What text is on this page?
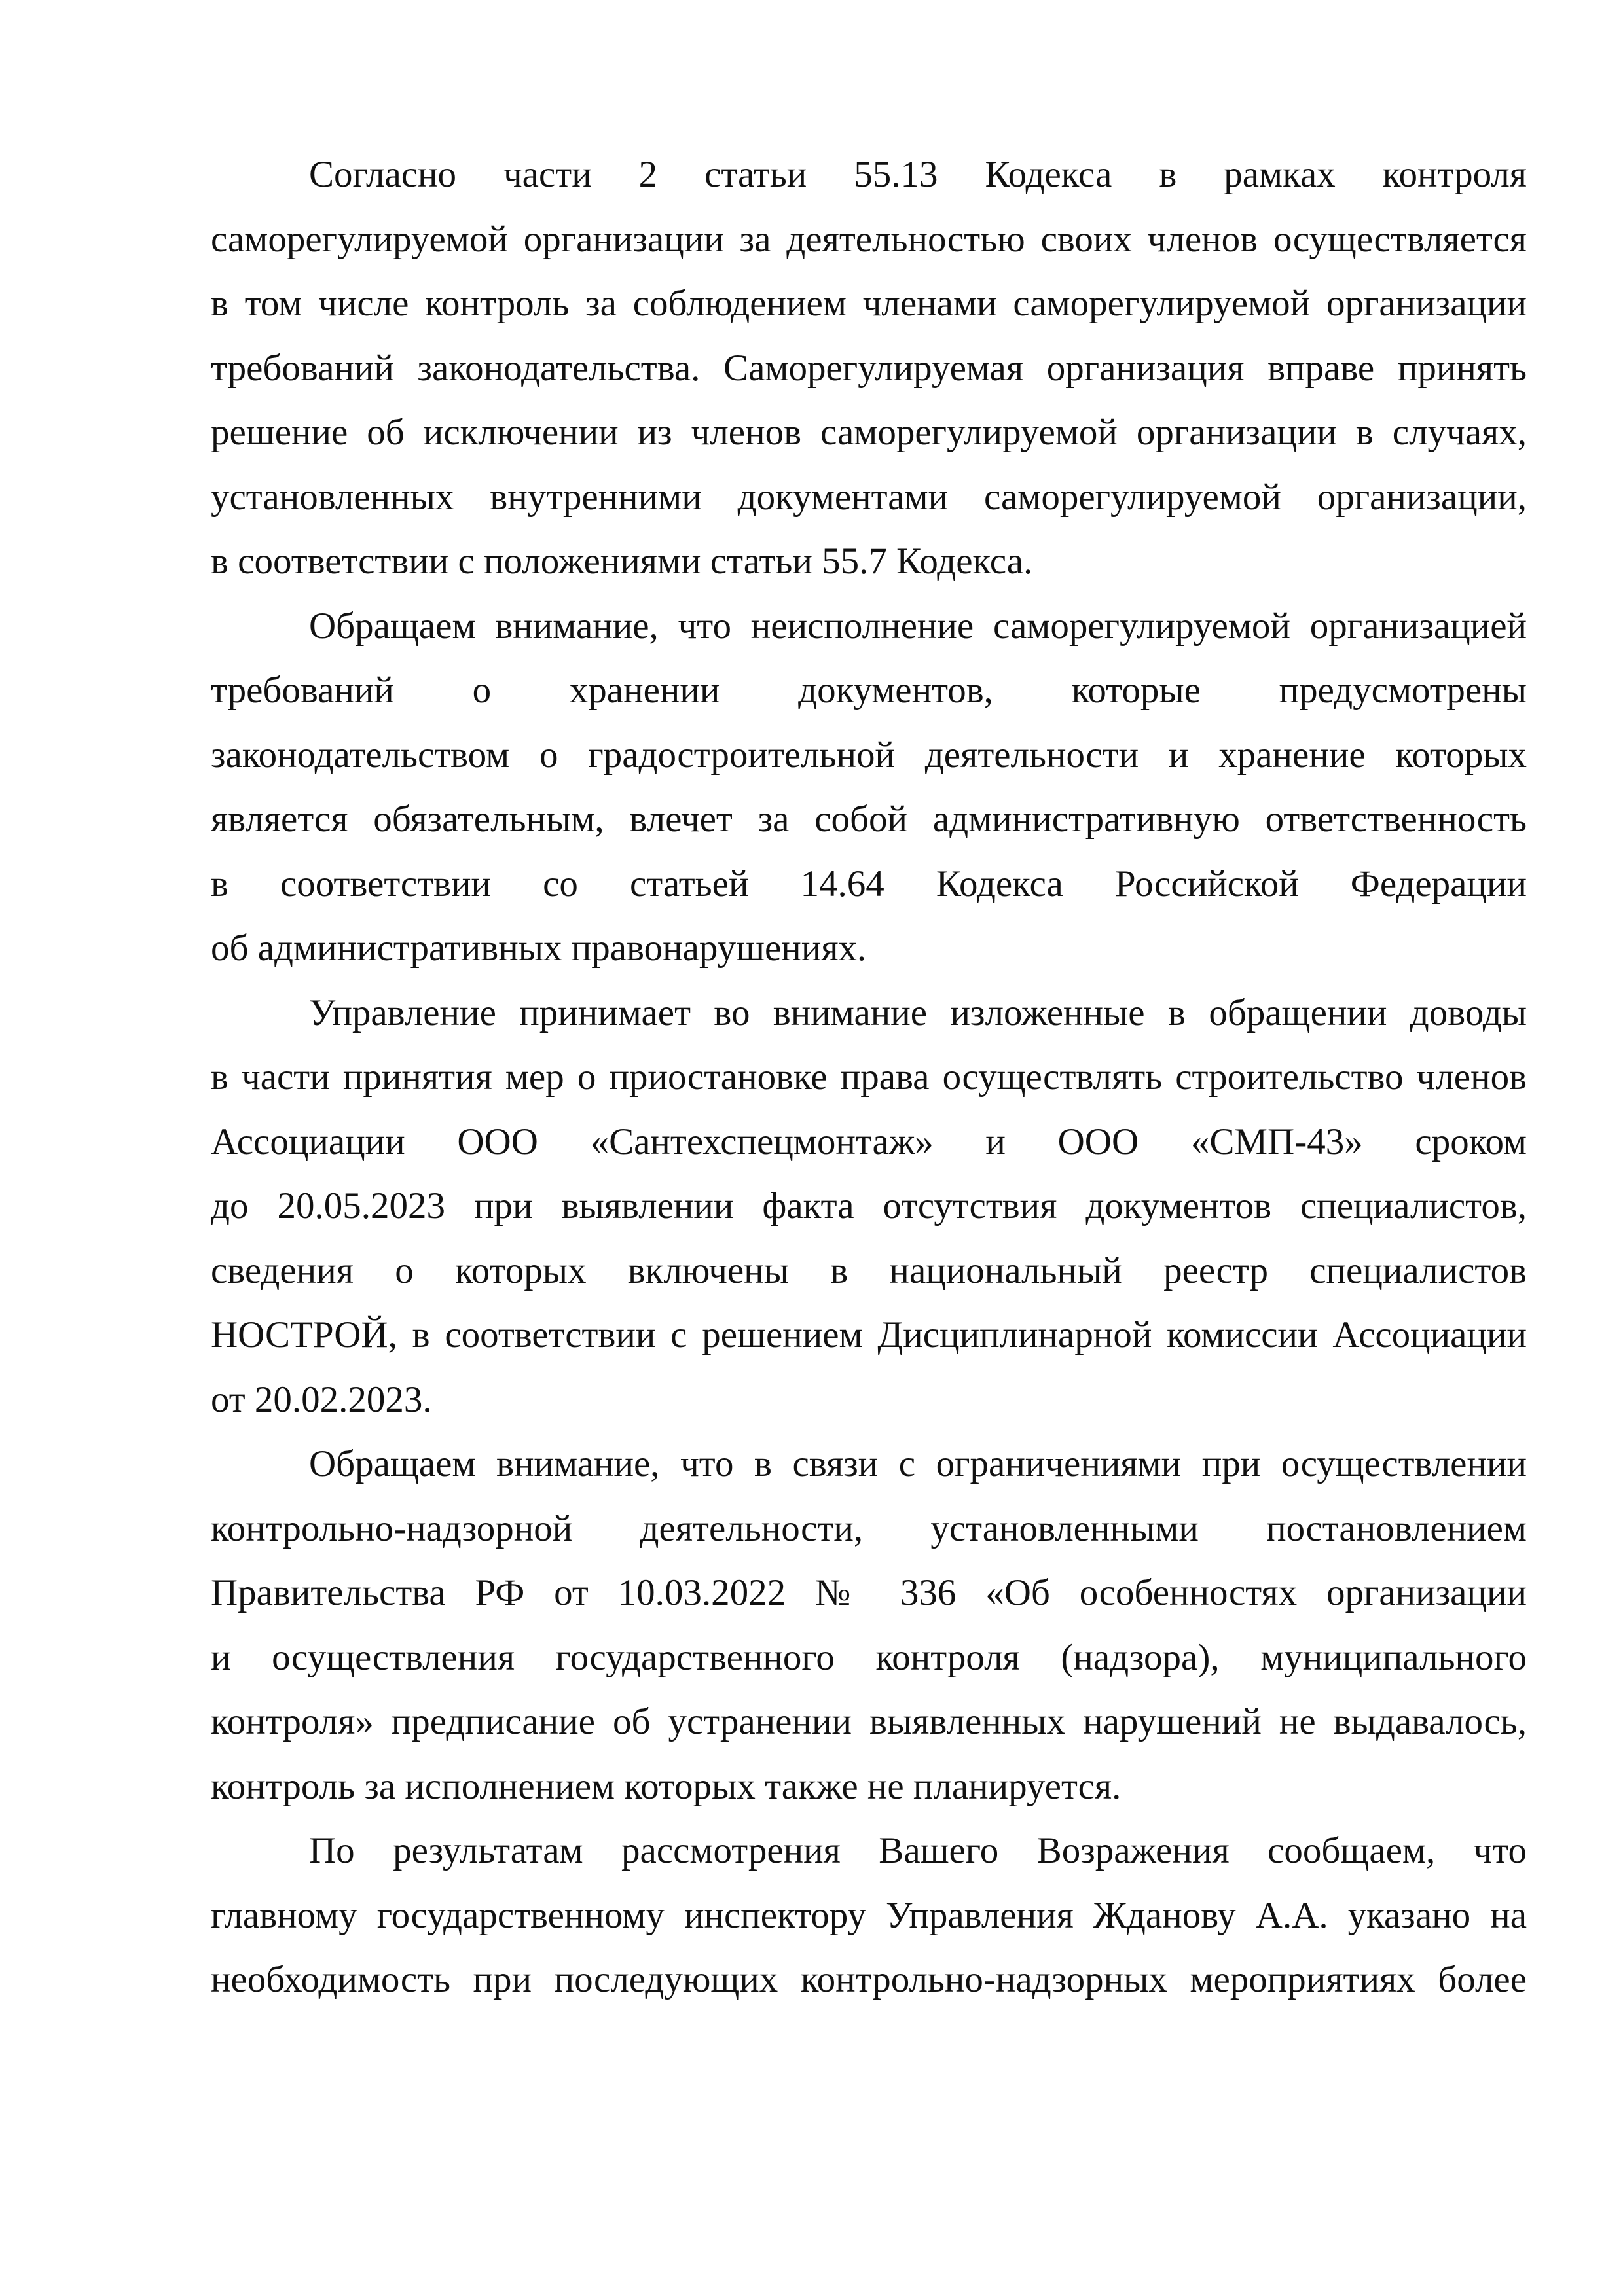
Согласно части 2 статьи 55.13 Кодекса в рамках контроля
саморегулируемой организации за деятельностью своих членов осуществляется
в том числе контроль за соблюдением членами саморегулируемой организации
требований законодательства. Саморегулируемая организация вправе принять
решение об исключении из членов саморегулируемой организации в случаях,
установленных внутренними документами саморегулируемой организации,
в соответствии с положениями статьи 55.7 Кодекса.

Обращаем внимание, что неисполнение саморегулируемой организацией
требований о хранении документов, которые предусмотрены
законодательством о градостроительной деятельности и хранение которых
является обязательным, влечет за собой административную ответственность
в соответствии со статьей 14.64 Кодекса Российской Федерации
об административных правонарушениях.

Управление принимает во внимание изложенные в обращении доводы
в части принятия мер о приостановке права осуществлять строительство членов
Ассоциации ООО «Сантехспецмонтаж» и ООО «СМП-43» сроком
до 20.05.2023 при выявлении факта отсутствия документов специалистов,
сведения о которых включены в национальный реестр специалистов
НОСТРОЙ, в соответствии с решением Дисциплинарной комиссии Ассоциации
от 20.02.2023.

Обращаем внимание, что в связи с ограничениями при осуществлении
контрольно-надзорной деятельности, установленными постановлением
Правительства РФ от 10.03.2022 № 336 «Об особенностях организации
и осуществления государственного контроля (надзора), муниципального
контроля» предписание об устранении выявленных нарушений не выдавалось,
контроль за исполнением которых также не планируется.

По результатам рассмотрения Вашего Возражения сообщаем, что
главному государственному инспектору Управления Жданову А.А. указано на
необходимость при последующих контрольно-надзорных мероприятиях более
